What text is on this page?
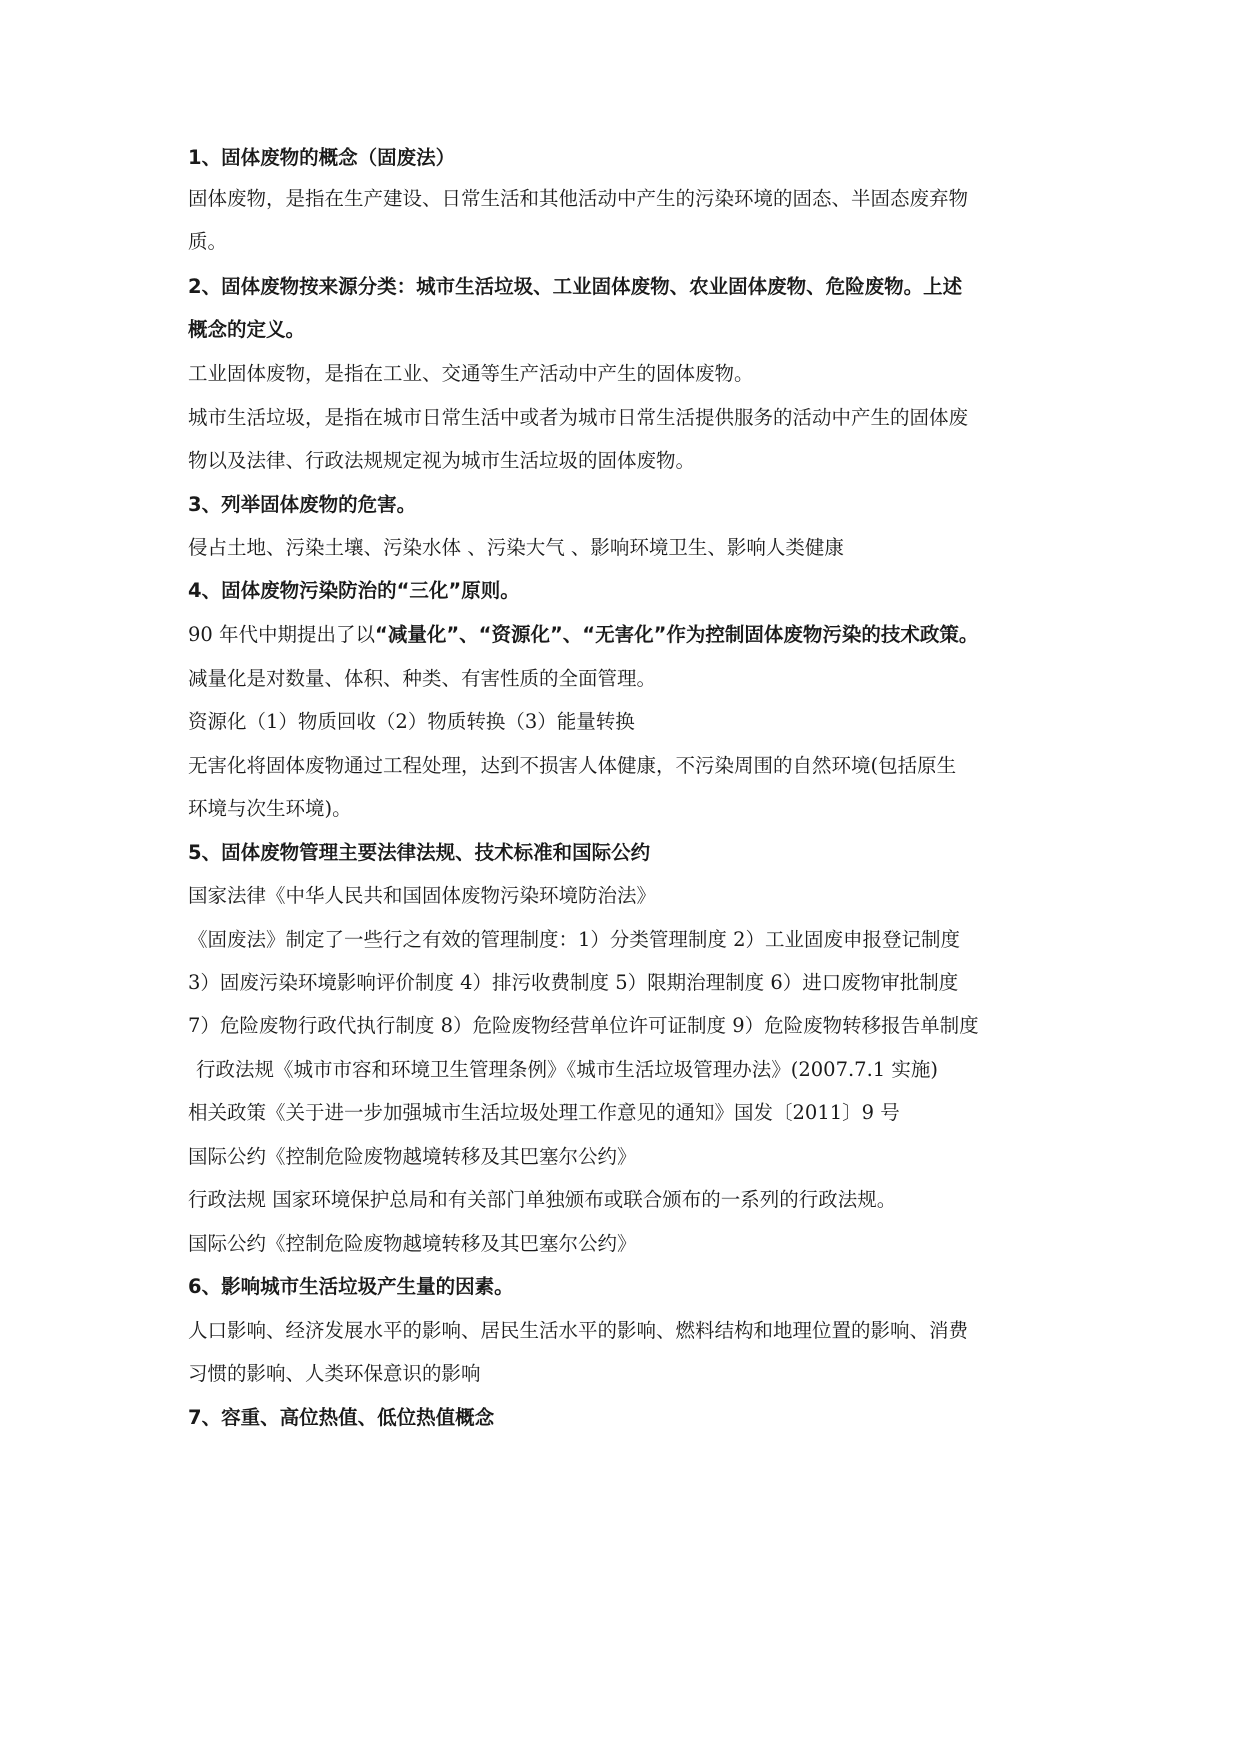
1、固体废物的概念（固废法）

固体废物，是指在生产建设、日常生活和其他活动中产生的污染环境的固态、半固态废弃物

质。

2、固体废物按来源分类：城市生活垃圾、工业固体废物、农业固体废物、危险废物。上述

概念的定义。

工业固体废物，是指在工业、交通等生产活动中产生的固体废物。

城市生活垃圾，是指在城市日常生活中或者为城市日常生活提供服务的活动中产生的固体废

物以及法律、行政法规规定视为城市生活垃圾的固体废物。

3、列举固体废物的危害。

侵占土地、污染土壤、污染水体 、污染大气 、影响环境卫生、影响人类健康

4、固体废物污染防治的“三化”原则。

90 年代中期提出了以“减量化”、“资源化”、“无害化”作为控制固体废物污染的技术政策。

减量化是对数量、体积、种类、有害性质的全面管理。

资源化（1）物质回收（2）物质转换（3）能量转换

无害化将固体废物通过工程处理，达到不损害人体健康，不污染周围的自然环境(包括原生

环境与次生环境)。

5、固体废物管理主要法律法规、技术标准和国际公约

国家法律《中华人民共和国固体废物污染环境防治法》

《固废法》制定了一些行之有效的管理制度：1）分类管理制度 2）工业固废申报登记制度

3）固废污染环境影响评价制度 4）排污收费制度 5）限期治理制度 6）进口废物审批制度

7）危险废物行政代执行制度 8）危险废物经营单位许可证制度 9）危险废物转移报告单制度

行政法规《城市市容和环境卫生管理条例》《城市生活垃圾管理办法》(2007.7.1 实施)

相关政策《关于进一步加强城市生活垃圾处理工作意见的通知》国发〔2011〕9 号

国际公约《控制危险废物越境转移及其巴塞尔公约》

行政法规 国家环境保护总局和有关部门单独颁布或联合颁布的一系列的行政法规。

国际公约《控制危险废物越境转移及其巴塞尔公约》

6、影响城市生活垃圾产生量的因素。

人口影响、经济发展水平的影响、居民生活水平的影响、燃料结构和地理位置的影响、消费

习惯的影响、人类环保意识的影响

7、容重、高位热值、低位热值概念
